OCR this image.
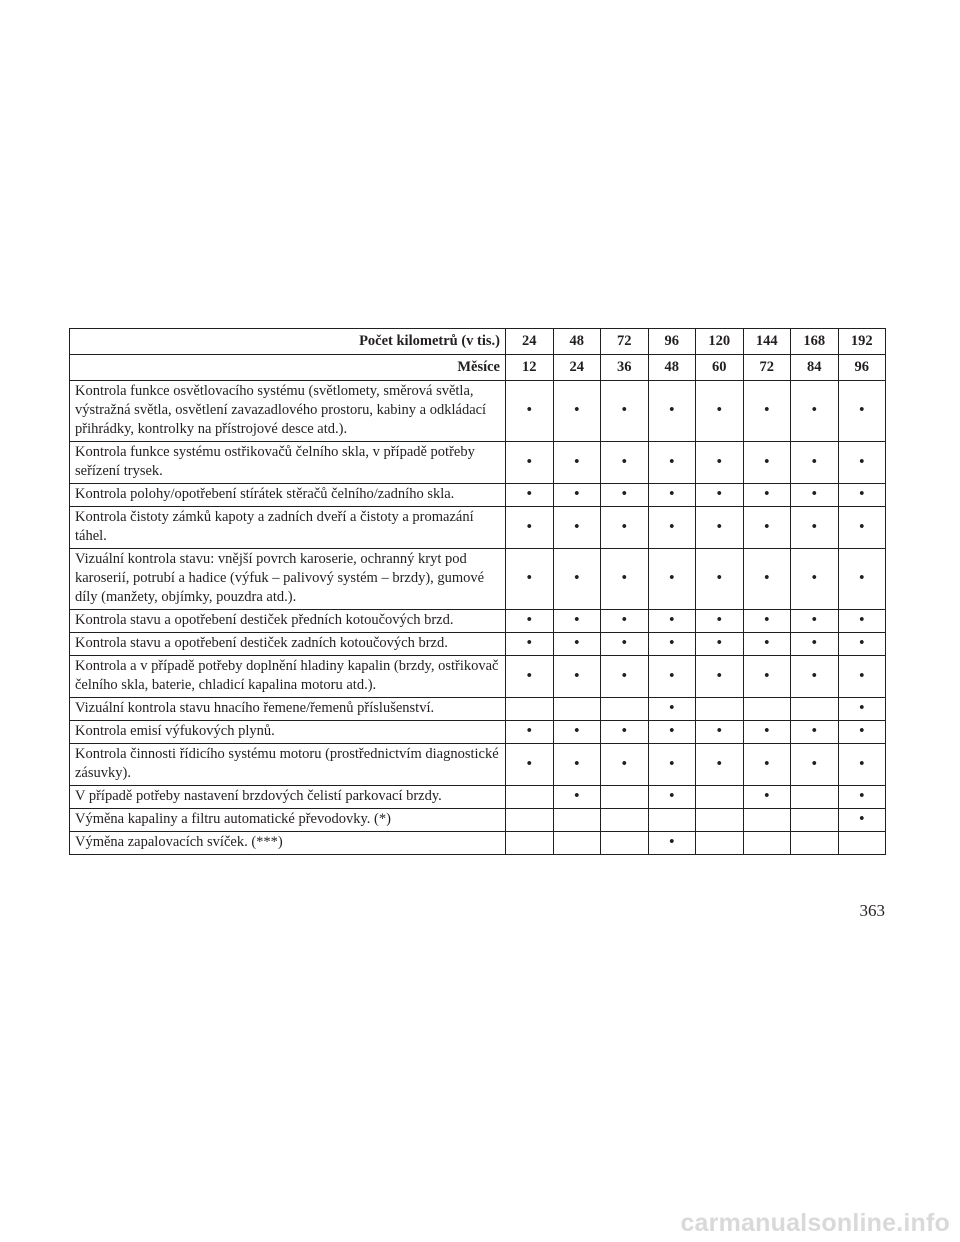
Počet kilometrů (v tis.)	24	48	72	96	120	144	168	192
Měsíce	12	24	36	48	60	72	84	96
Kontrola funkce osvětlovacího systému (světlomety, směrová světla, výstražná světla, osvětlení zavazadlového prostoru, kabiny a odkládací přihrádky, kontrolky na přístrojové desce atd.).	•	•	•	•	•	•	•	•
Kontrola funkce systému ostřikovačů čelního skla, v případě potřeby seřízení trysek.	•	•	•	•	•	•	•	•
Kontrola polohy/opotřebení stírátek stěračů čelního/zadního skla.	•	•	•	•	•	•	•	•
Kontrola čistoty zámků kapoty a zadních dveří a čistoty a promazání táhel.	•	•	•	•	•	•	•	•
Vizuální kontrola stavu: vnější povrch karoserie, ochranný kryt pod karoserií, potrubí a hadice (výfuk – palivový systém – brzdy), gumové díly (manžety, objímky, pouzdra atd.).	•	•	•	•	•	•	•	•
Kontrola stavu a opotřebení destiček předních kotoučových brzd.	•	•	•	•	•	•	•	•
Kontrola stavu a opotřebení destiček zadních kotoučových brzd.	•	•	•	•	•	•	•	•
Kontrola a v případě potřeby doplnění hladiny kapalin (brzdy, ostřikovač čelního skla, baterie, chladicí kapalina motoru atd.).	•	•	•	•	•	•	•	•
Vizuální kontrola stavu hnacího řemene/řemenů příslušenství.				•				•
Kontrola emisí výfukových plynů.	•	•	•	•	•	•	•	•
Kontrola činnosti řídicího systému motoru (prostřednictvím diagnostické zásuvky).	•	•	•	•	•	•	•	•
V případě potřeby nastavení brzdových čelistí parkovací brzdy.		•		•		•		•
Výměna kapaliny a filtru automatické převodovky. (*)								•
Výměna zapalovacích svíček. (***)				•				
363
carmanualsonline.info
